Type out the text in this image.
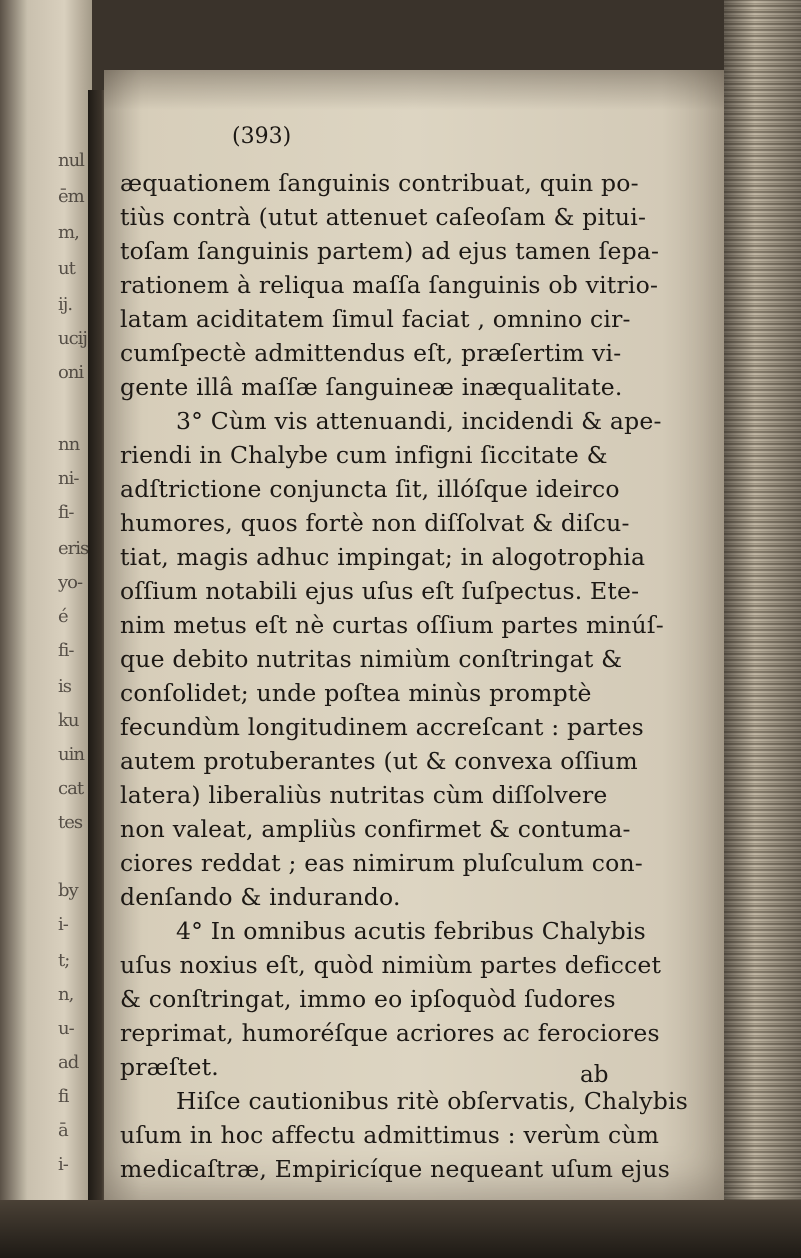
nul
ēm
m,
ut
ij.
ucij
oni
nn
ni-
fi-
eris
yo-
é
fi-
is
ku
uin
cat
tes
by
i-
t;
n,
u-
ad
fi
ā
i-
(393)
æquationem ſanguinis contribuat, quin po-
tiùs contrà (utut attenuet caſeoſam & pitui-
toſam ſanguinis partem) ad ejus tamen ſepa-
rationem à reliqua maſſa ſanguinis ob vitrio-
latam aciditatem ſimul faciat , omnino cir-
cumſpectè admittendus eſt, præſertim vi-
gente illâ maſſæ ſanguineæ inæqualitate.
3° Cùm vis attenuandi, incidendi & ape-
riendi in Chalybe cum infigni ſiccitate &
adſtrictione conjuncta ſit, illóſque ideirco
humores, quos fortè non diſſolvat & diſcu-
tiat, magis adhuc impingat; in alogotrophia
oſſium notabili ejus uſus eſt ſuſpectus. Ete-
nim metus eſt nè curtas oſſium partes minúſ-
que debito nutritas nimiùm conſtringat &
conſolidet; unde poſtea minùs promptè
fecundùm longitudinem accreſcant : partes
autem protuberantes (ut & convexa oſſium
latera) liberaliùs nutritas cùm diſſolvere
non valeat, ampliùs confirmet & contuma-
ciores reddat ; eas nimirum pluſculum con-
denſando & indurando.
4° In omnibus acutis febribus Chalybis
uſus noxius eſt, quòd nimiùm partes deficcet
& conſtringat, immo eo ipſoquòd ſudores
reprimat, humoréſque acriores ac ferociores
præſtet.
Hiſce cautionibus ritè obſervatis, Chalybis
uſum in hoc affectu admittimus : verùm cùm
medicaſtræ, Empiricíque nequeant uſum ejus
ab
